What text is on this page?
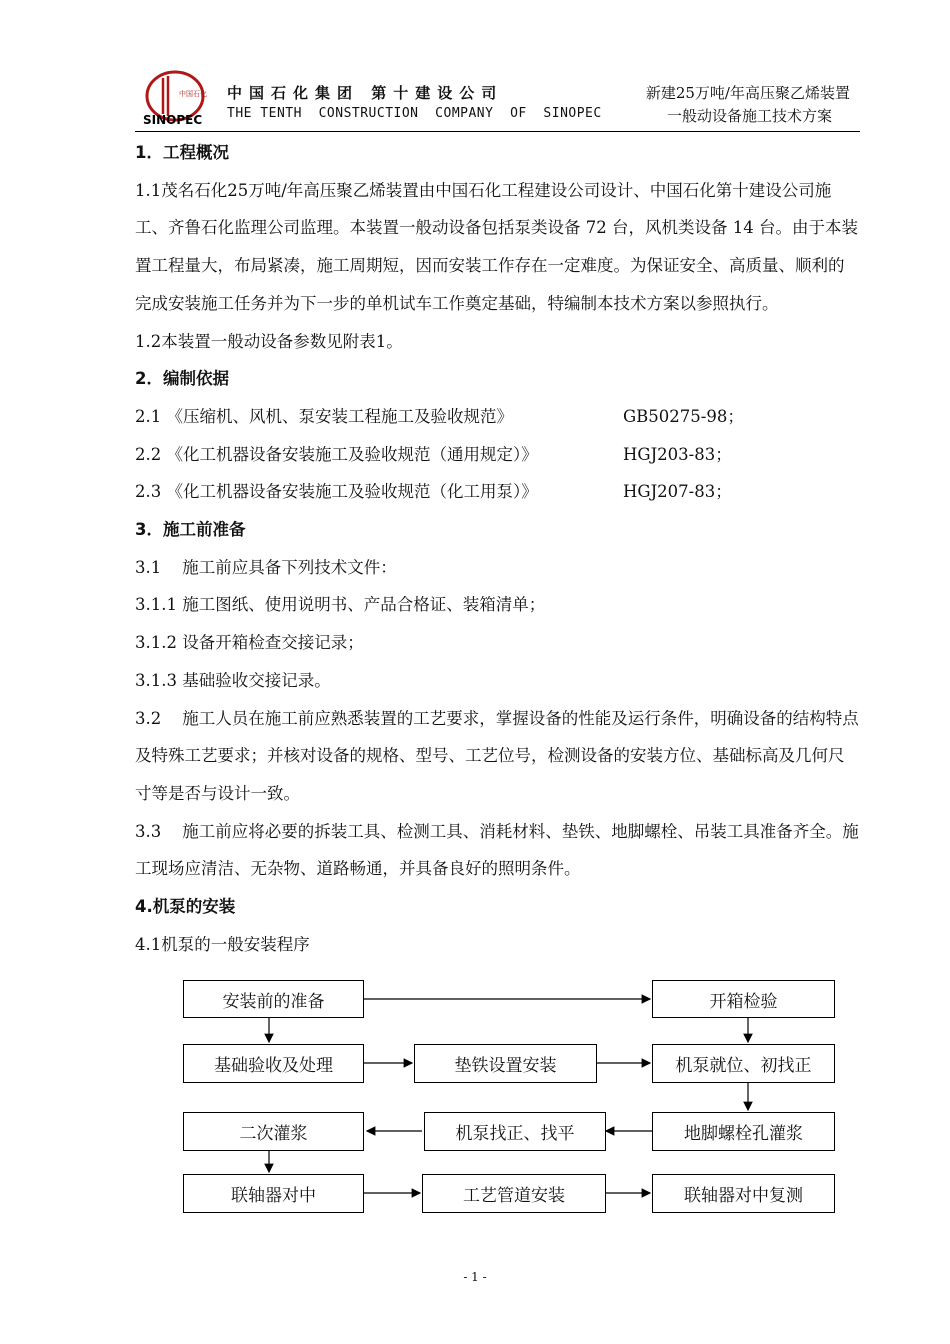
中国石化
SINOPEC
中国石化集团 第十建设公司
THE TENTH  CONSTRUCTION  COMPANY  OF  SINOPEC
新建25万吨/年高压聚乙烯装置
一般动设备施工技术方案

1．工程概况

1.1茂名石化25万吨/年高压聚乙烯装置由中国石化工程建设公司设计、中国石化第十建设公司施工、齐鲁石化监理公司监理。本装置一般动设备包括泵类设备 72 台，风机类设备 14 台。由于本装置工程量大，布局紧凑，施工周期短，因而安装工作存在一定难度。为保证安全、高质量、顺利的完成安装施工任务并为下一步的单机试车工作奠定基础，特编制本技术方案以参照执行。

1.2本装置一般动设备参数见附表1。

2．编制依据

2.1 《压缩机、风机、泵安装工程施工及验收规范》	GB50275-98；
2.2 《化工机器设备安装施工及验收规范（通用规定）》	HGJ203-83；
2.3 《化工机器设备安装施工及验收规范（化工用泵）》	HGJ207-83；

3．施工前准备

3.1    施工前应具备下列技术文件：

3.1.1 施工图纸、使用说明书、产品合格证、装箱清单；

3.1.2 设备开箱检查交接记录；

3.1.3 基础验收交接记录。

3.2    施工人员在施工前应熟悉装置的工艺要求，掌握设备的性能及运行条件，明确设备的结构特点及特殊工艺要求；并核对设备的规格、型号、工艺位号，检测设备的安装方位、基础标高及几何尺寸等是否与设计一致。

3.3    施工前应将必要的拆装工具、检测工具、消耗材料、垫铁、地脚螺栓、吊装工具准备齐全。施工现场应清洁、无杂物、道路畅通，并具备良好的照明条件。

4.机泵的安装

4.1机泵的一般安装程序

安装前的准备	开箱检验
基础验收及处理	垫铁设置安装	机泵就位、初找正
二次灌浆	机泵找正、找平	地脚螺栓孔灌浆
联轴器对中	工艺管道安装	联轴器对中复测
- 1 -
